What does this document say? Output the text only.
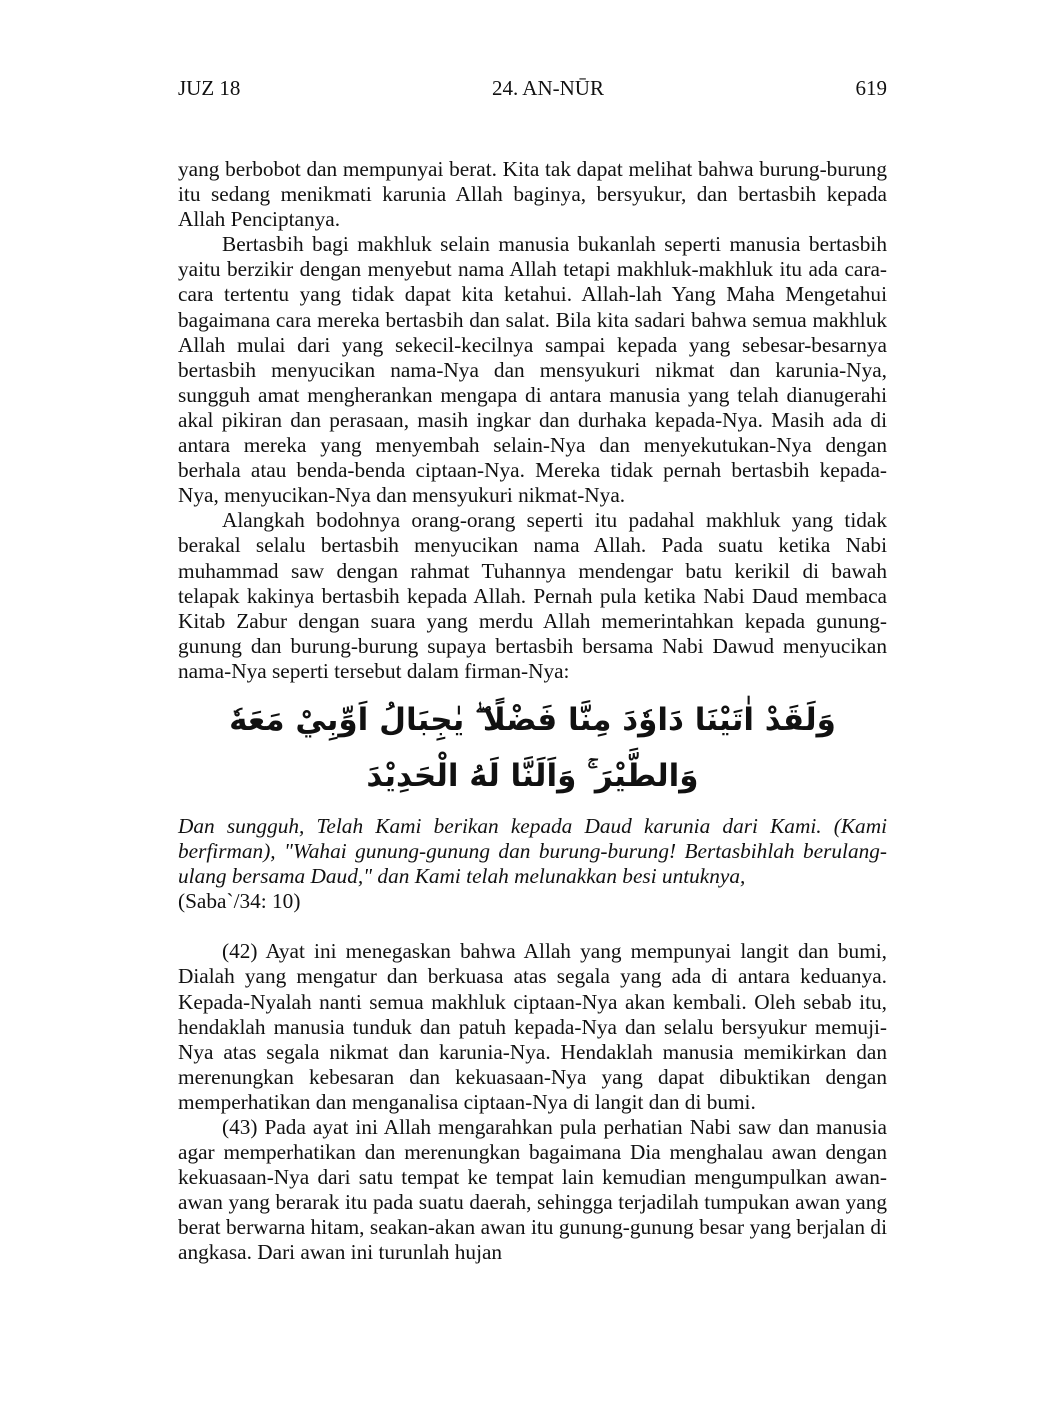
JUZ 18	24. AN-NŪR	619

yang berbobot dan mempunyai berat. Kita tak dapat melihat bahwa burung-burung itu sedang menikmati karunia Allah baginya, bersyukur, dan bertasbih kepada Allah Penciptanya.

Bertasbih bagi makhluk selain manusia bukanlah seperti manusia bertasbih yaitu berzikir dengan menyebut nama Allah tetapi makhluk-makhluk itu ada cara-cara tertentu yang tidak dapat kita ketahui. Allah-lah Yang Maha Mengetahui bagaimana cara mereka bertasbih dan salat. Bila kita sadari bahwa semua makhluk Allah mulai dari yang sekecil-kecilnya sampai kepada yang sebesar-besarnya bertasbih menyucikan nama-Nya dan mensyukuri nikmat dan karunia-Nya, sungguh amat mengherankan mengapa di antara manusia yang telah dianugerahi akal pikiran dan perasaan, masih ingkar dan durhaka kepada-Nya. Masih ada di antara mereka yang menyembah selain-Nya dan menyekutukan-Nya dengan berhala atau benda-benda ciptaan-Nya. Mereka tidak pernah bertasbih kepada-Nya, menyucikan-Nya dan mensyukuri nikmat-Nya.

Alangkah bodohnya orang-orang seperti itu padahal makhluk yang tidak berakal selalu bertasbih menyucikan nama Allah. Pada suatu ketika Nabi muhammad saw dengan rahmat Tuhannya mendengar batu kerikil di bawah telapak kakinya bertasbih kepada Allah. Pernah pula ketika Nabi Daud membaca Kitab Zabur dengan suara yang merdu Allah memerintahkan kepada gunung-gunung dan burung-burung supaya bertasbih bersama Nabi Dawud menyucikan nama-Nya seperti tersebut dalam firman-Nya:

وَلَقَدْ اٰتَيْنَا دَاوٗدَ مِنَّا فَضْلًا ۖ يٰجِبَالُ اَوِّبِيْ مَعَهٗ وَالطَّيْرَ ۚ وَاَلَنَّا لَهُ الْحَدِيْدَ

Dan sungguh, Telah Kami berikan kepada Daud karunia dari Kami. (Kami berfirman), "Wahai gunung-gunung dan burung-burung! Bertasbihlah berulang-ulang bersama Daud," dan Kami telah melunakkan besi untuknya,

(Saba`/34: 10)

(42) Ayat ini menegaskan bahwa Allah yang mempunyai langit dan bumi, Dialah yang mengatur dan berkuasa atas segala yang ada di antara keduanya. Kepada-Nyalah nanti semua makhluk ciptaan-Nya akan kembali. Oleh sebab itu, hendaklah manusia tunduk dan patuh kepada-Nya dan selalu bersyukur memuji-Nya atas segala nikmat dan karunia-Nya. Hendaklah manusia memikirkan dan merenungkan kebesaran dan kekuasaan-Nya yang dapat dibuktikan dengan memperhatikan dan menganalisa ciptaan-Nya di langit dan di bumi.

(43) Pada ayat ini Allah mengarahkan pula perhatian Nabi saw dan manusia agar memperhatikan dan merenungkan bagaimana Dia menghalau awan dengan kekuasaan-Nya dari satu tempat ke tempat lain kemudian mengumpulkan awan-awan yang berarak itu pada suatu daerah, sehingga terjadilah tumpukan awan yang berat berwarna hitam, seakan-akan awan itu gunung-gunung besar yang berjalan di angkasa. Dari awan ini turunlah hujan
